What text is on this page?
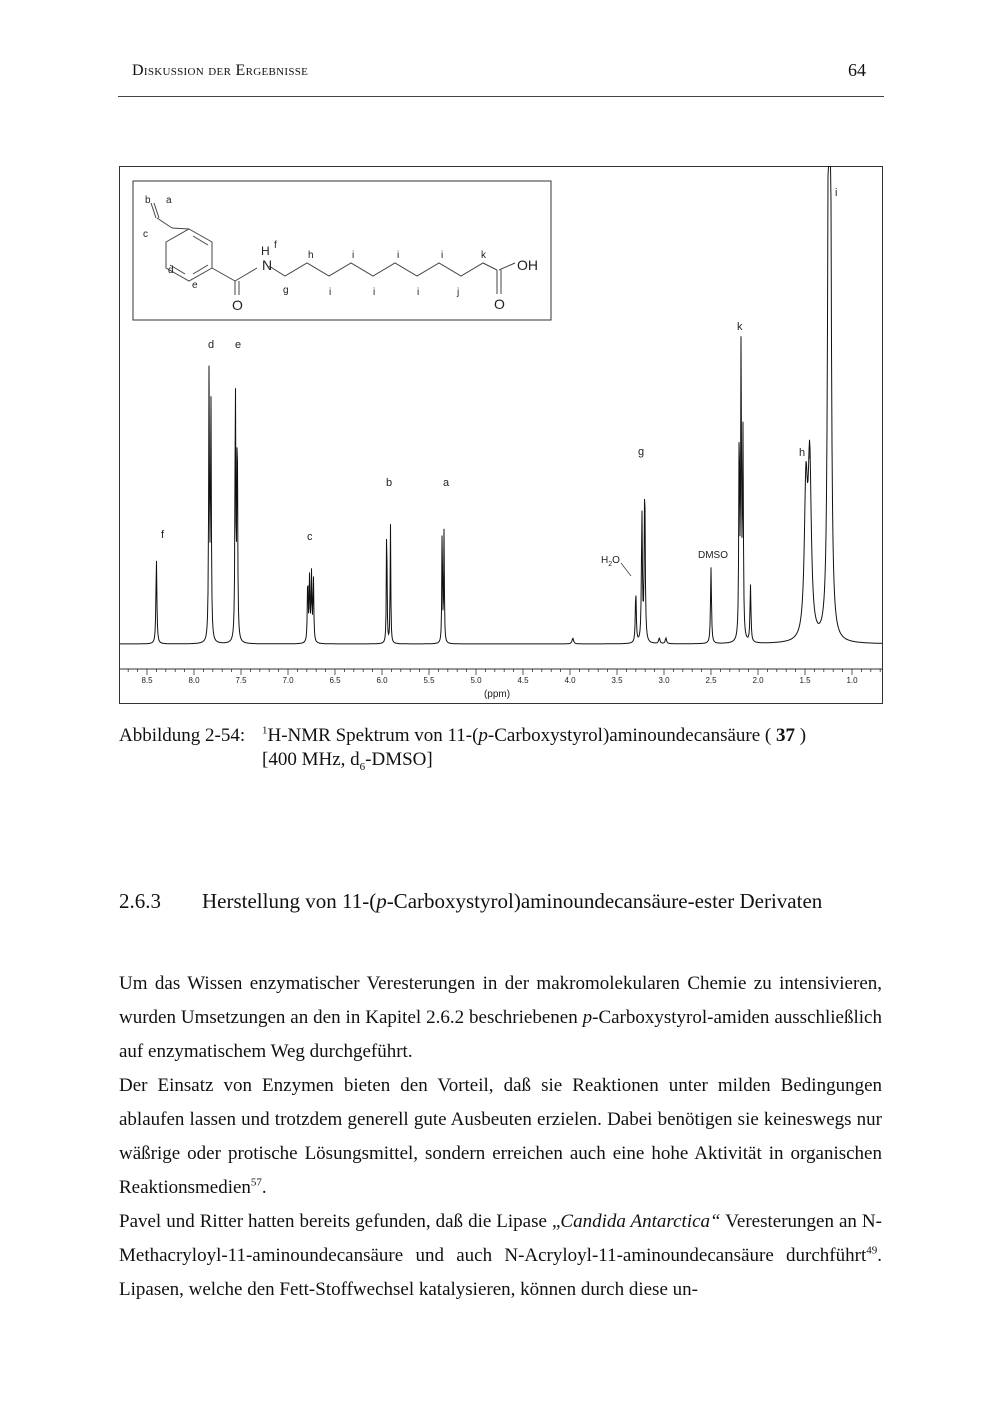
Diskussion der Ergebnisse	64
N
H
O	O
OH
b a
c
d
e
f
g
h	i	i	i
i	i	i	j
k
8.5	8.0	7.5	7.0	6.5	6.0	5.5	5.0	4.5	4.0	3.5	3.0	2.5	2.0	1.5	1.0
(ppm)
f
d e
c
b	a
g
$H_2O$	DMSO
k
h j
i
Abbildung 2-54: $^1$H-NMR Spektrum von 11-(p-Carboxystyrol)aminoundecansäure ( 37 )
[400 MHz, $d_6-DMSO$]
2.6.3 Herstellung von 11-(p-Carboxystyrol)aminoundecansäure-ester Derivaten

Um das Wissen enzymatischer Veresterungen in der makromolekularen Chemie zu intensivieren, wurden Umsetzungen an den in Kapitel 2.6.2 beschriebenen p-Carboxystyrol-amiden ausschließlich auf enzymatischem Weg durchgeführt.

Der Einsatz von Enzymen bieten den Vorteil, daß sie Reaktionen unter milden Bedingungen ablaufen lassen und trotzdem generell gute Ausbeuten erzielen. Dabei benötigen sie keineswegs nur wäßrige oder protische Lösungsmittel, sondern erreichen auch eine hohe Aktivität in organischen Reaktionsmedien$^{57}$.

Pavel und Ritter hatten bereits gefunden, daß die Lipase „Candida Antarctica“ Veresterungen an N-Methacryloyl-11-aminoundecansäure und auch N-Acryloyl-11-aminoundecansäure durchführt$^{49}$. Lipasen, welche den Fett-Stoffwechsel katalysieren, können durch diese un-
